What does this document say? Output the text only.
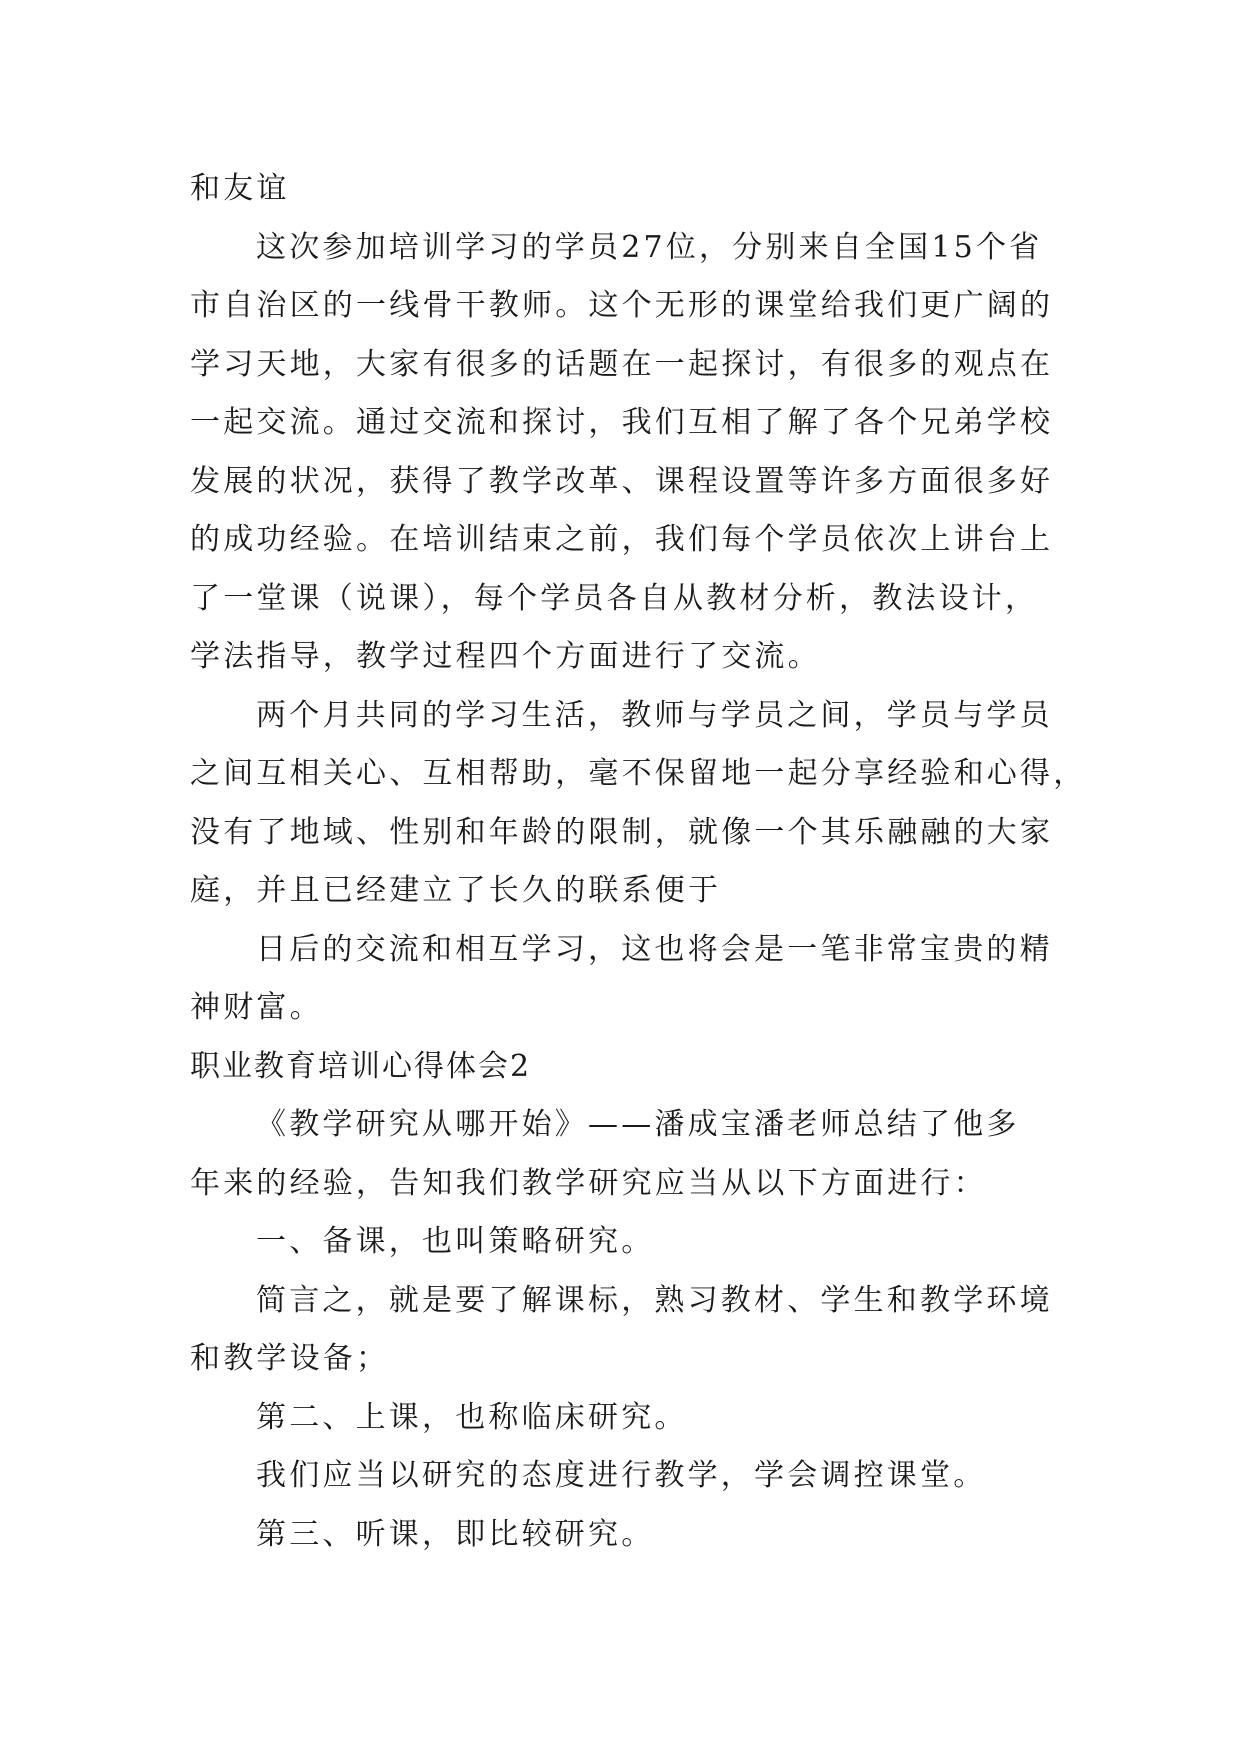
和友谊
这次参加培训学习的学员27位，分别来自全国15个省
市自治区的一线骨干教师。这个无形的课堂给我们更广阔的
学习天地，大家有很多的话题在一起探讨，有很多的观点在
一起交流。通过交流和探讨，我们互相了解了各个兄弟学校
发展的状况，获得了教学改革、课程设置等许多方面很多好
的成功经验。在培训结束之前，我们每个学员依次上讲台上
了一堂课（说课），每个学员各自从教材分析，教法设计，
学法指导，教学过程四个方面进行了交流。
两个月共同的学习生活，教师与学员之间，学员与学员
之间互相关心、互相帮助，毫不保留地一起分享经验和心得，
没有了地域、性别和年龄的限制，就像一个其乐融融的大家
庭，并且已经建立了长久的联系便于
日后的交流和相互学习，这也将会是一笔非常宝贵的精
神财富。
职业教育培训心得体会2
《教学研究从哪开始》——潘成宝潘老师总结了他多
年来的经验，告知我们教学研究应当从以下方面进行：
一、备课，也叫策略研究。
简言之，就是要了解课标，熟习教材、学生和教学环境
和教学设备；
第二、上课，也称临床研究。
我们应当以研究的态度进行教学，学会调控课堂。
第三、听课，即比较研究。
